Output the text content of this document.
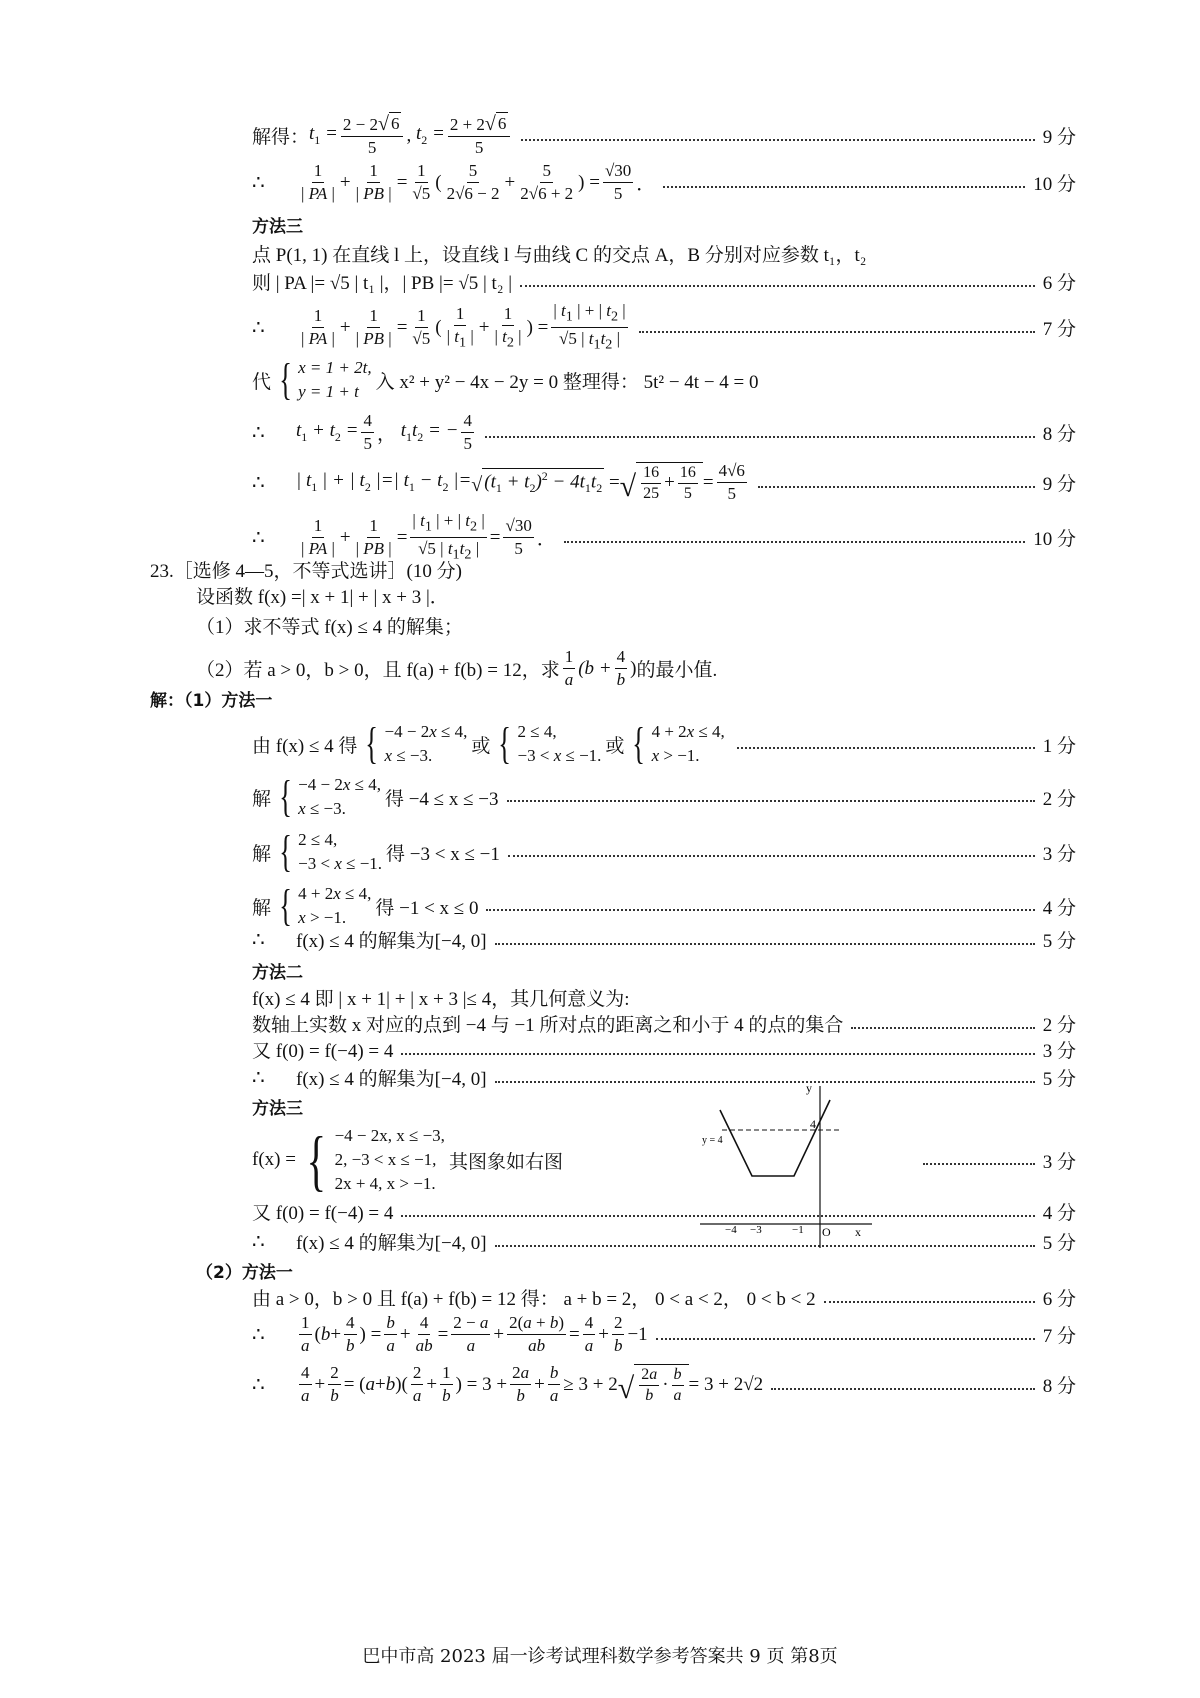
解得： $t_1 = \frac{2 - 2 √ 6}{5}$ , $t_2 = \frac{2 + 2 √ 6}{5}$	9 分
∴	$\frac{1}{| PA |} + \frac{1}{| PB |} = \frac{1}{√5}$ ( $\frac{5}{2√6 - 2} + \frac{5}{2√6 + 2}$ ) = $\frac{√30}{5}$ ．	10 分
方法三
点 P(1, 1) 在直线 l 上，设直线 l 与曲线 C 的交点 A，B 分别对应参数 t₁，t₂
则 | PA |= √5 | t₁ |，| PB |= √5 | t₂ |	6 分
∴	$\frac{1}{| PA |} + \frac{1}{| PB |} = \frac{1}{√5}$ ( $\frac{1}{| t_1 |} + \frac{1}{| t_2 |}$ ) = $\frac{| t_1 | + | t_2 |}{√5 | t_1t_2 |}$	7 分
代 { x = 1 + 2t,
y = 1 + t 入 x² + y² − 4x − 2y = 0 整理得： 5t² − 4t − 4 = 0
∴	$t_1 + t_2 = \frac{4}{5}$ ， $t_1t_2$ = − $\frac{4}{5}$	8 分
∴	| $t_1$ | + | $t_2$ |=| $t_1 - t_2$ |= √ $(t_1 + t_2)^2 - 4t_1t_2$ = √ $\frac{16}{25} + \frac{16}{5} = \frac{4√6}{5}$	9 分
∴	$\frac{1}{| PA |} + \frac{1}{| PB |} = \frac{| t_1 | + | t_2 |}{√5 | t_1t_2 |} = \frac{√30}{5}$ ．	10 分
23.［选修 4—5，不等式选讲］(10 分)
设函数 f(x) =| x + 1| + | x + 3 |．
（1）求不等式 f(x) ≤ 4 的解集；
（2）若 a > 0，b > 0，且 f(a) + f(b) = 12，求 $\frac{1}{a} (b + \frac{4}{b}$ ) 的最小值.
解：（1） 方法一
由 f(x) ≤ 4 得 { −4 − 2x ≤ 4,
x ≤ −3.	或 { 2 ≤ 4,
−3 < x ≤ −1. 或 { 4 + 2x ≤ 4,
x > −1.	1 分
解 { −4 − 2x ≤ 4,
x ≤ −3.	得 −4 ≤ x ≤ −3	2 分
解 { 2 ≤ 4,
−3 < x ≤ −1. 得 −3 < x ≤ −1	3 分
解 { 4 + 2x ≤ 4,
x > −1.	得 −1 < x ≤ 0	4 分
∴	f(x) ≤ 4 的解集为[−4, 0]	5 分
方法二
f(x) ≤ 4 即 | x + 1| + | x + 3 |≤ 4，其几何意义为:
数轴上实数 x 对应的点到 −4 与 −1 所对点的距离之和小于 4 的点的集合	2 分
又 f(0) = f(−4) = 4	3 分
∴	f(x) ≤ 4 的解集为[−4, 0]	5 分
方法三
f(x) = { −4 − 2x, x ≤ −3,
2, −3 < x ≤ −1,
2x + 4, x > −1.
其图象如右图	3 分
又 f(0) = f(−4) = 4	4 分
∴	f(x) ≤ 4 的解集为[−4, 0]	5 分
y
x
O
y = 4
4
−4 −3	−1
（2）方法一
由 a > 0，b > 0 且 f(a) + f(b) = 12 得： a + b = 2， 0 < a < 2， 0 < b < 2	6 分
∴	$\frac{1}{a}$ ( $b + \frac{4}{b}$ ) = $\frac{b}{a} + \frac{4}{ab} = \frac{2 - a}{a} + \frac{2(a + b)}{ab} = \frac{4}{a} + \frac{2}{b} -1$	7 分
∴	$\frac{4}{a} + \frac{2}{b}$ = ( a + b )( $\frac{2}{a} + \frac{1}{b}$ ) = $3 + \frac{2a}{b} + \frac{b}{a} \ge 3 + 2$ √ $\frac{2a}{b} \cdot \frac{b}{a} = 3 + 2√2$	8 分
巴中市高 2023 届一诊考试理科数学参考答案共 9 页 第8页
